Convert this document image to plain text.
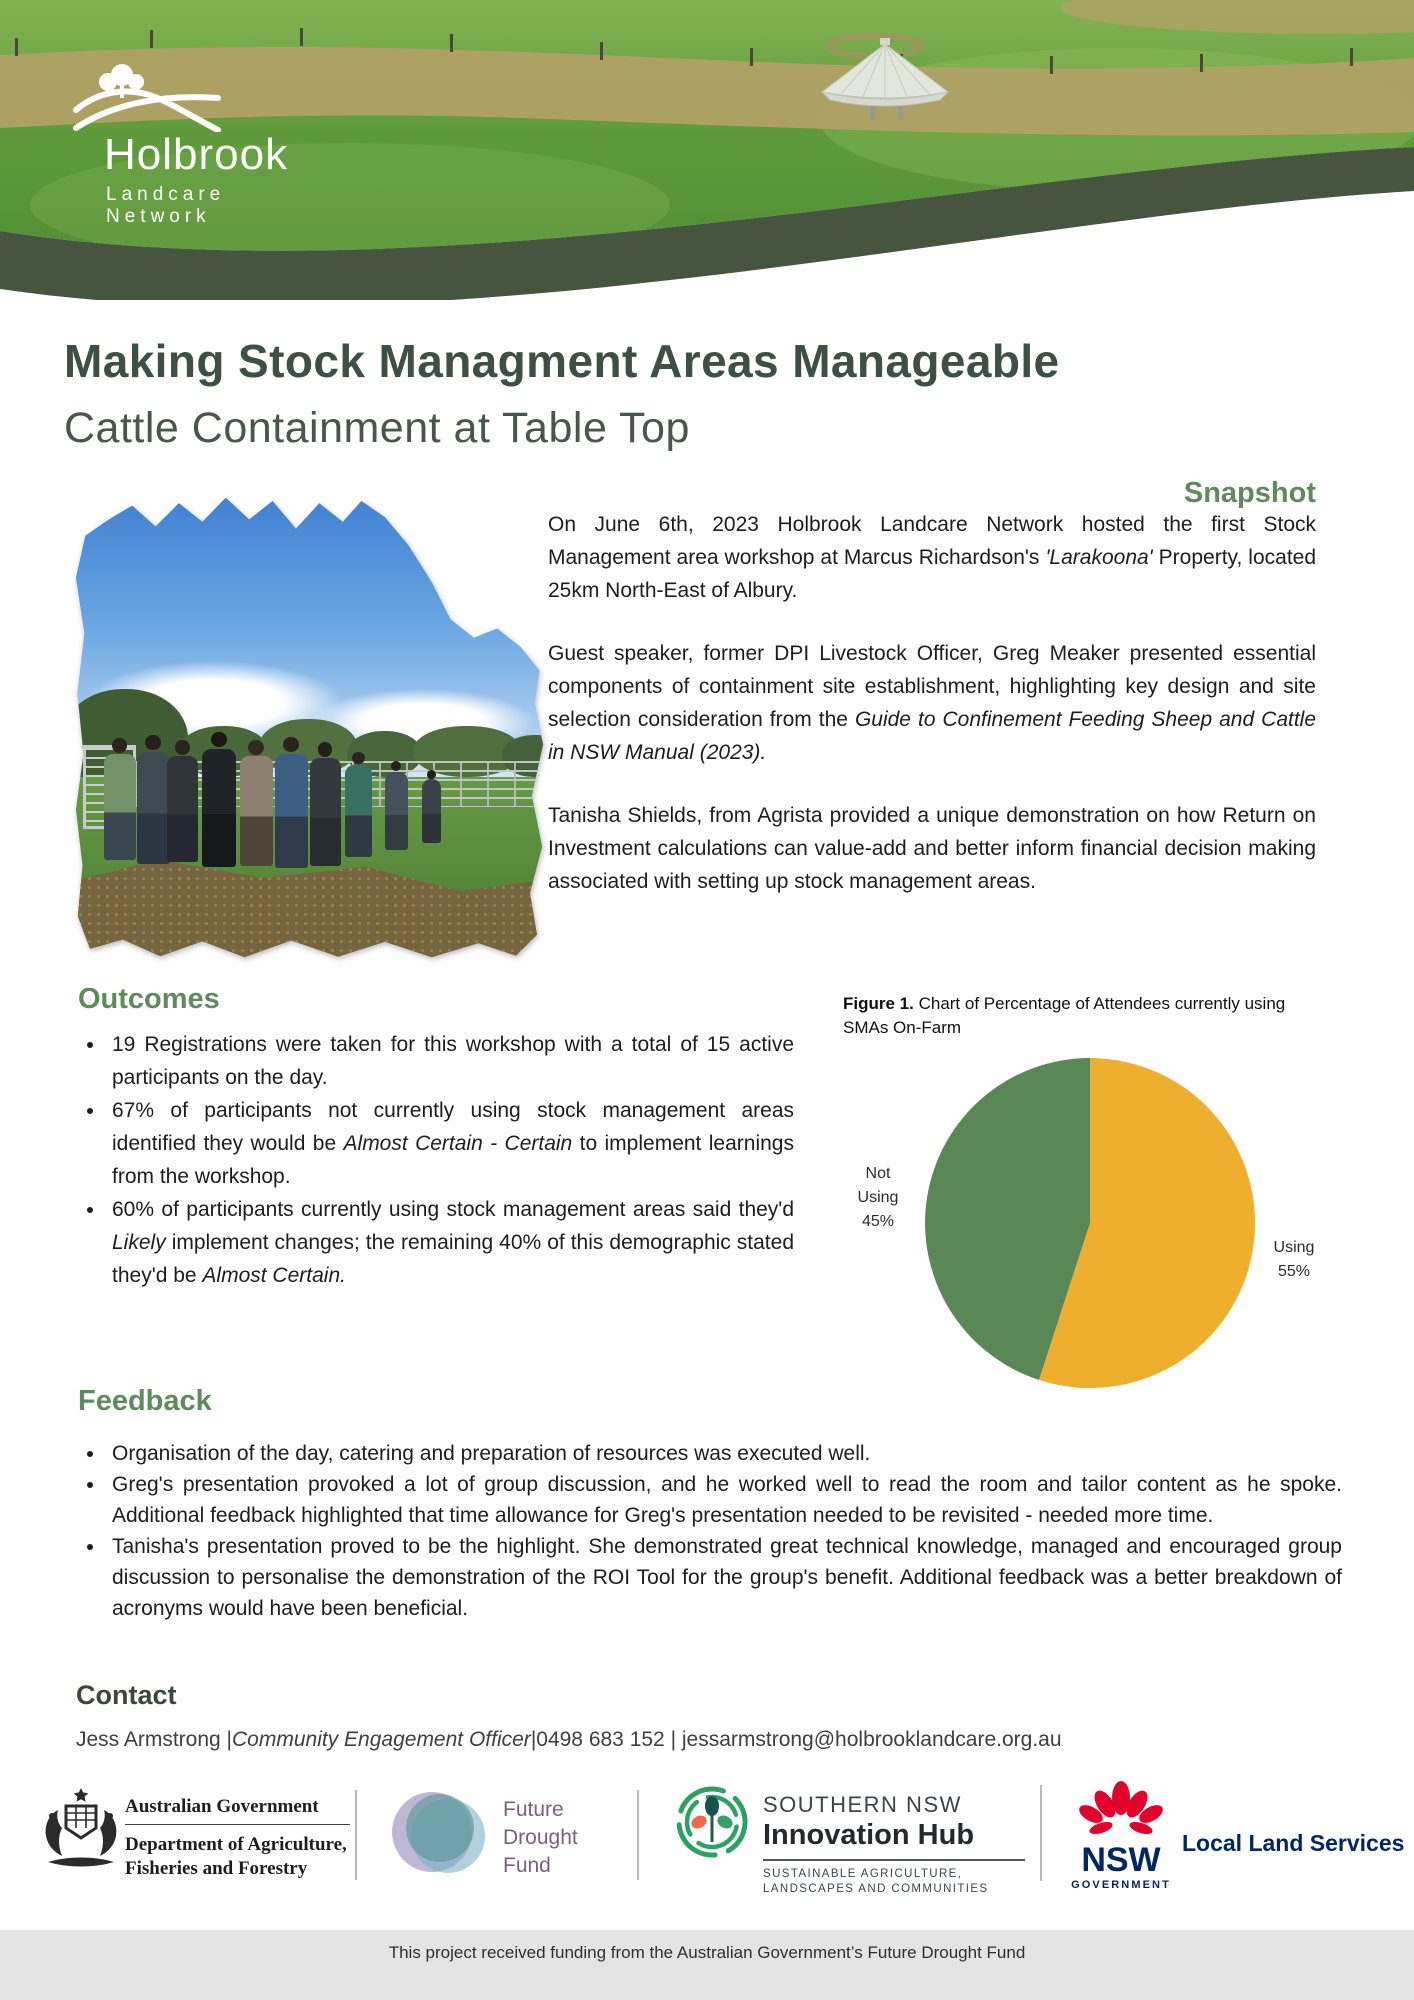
Holbrook
Landcare Network
Making Stock Managment Areas Manageable
Cattle Containment at Table Top
Snapshot

On June 6th, 2023 Holbrook Landcare Network hosted the first Stock Management area workshop at Marcus Richardson's 'Larakoona' Property, located 25km North-East of Albury.

Guest speaker, former DPI Livestock Officer, Greg Meaker presented essential components of containment site establishment, highlighting key design and site selection consideration from the Guide to Confinement Feeding Sheep and Cattle in NSW Manual (2023).

Tanisha Shields, from Agrista provided a unique demonstration on how Return on Investment calculations can value-add and better inform financial decision making associated with setting up stock management areas.

Outcomes
• 19 Registrations were taken for this workshop with a total of 15 active participants on the day.
• 67% of participants not currently using stock management areas identified they would be Almost Certain - Certain to implement learnings from the workshop.
• 60% of participants currently using stock management areas said they'd Likely implement changes; the remaining 40% of this demographic stated they'd be Almost Certain.
Figure 1. Chart of Percentage of Attendees currently using SMAs On-Farm
Not
Using
45%
Using
55%
Feedback
• Organisation of the day, catering and preparation of resources was executed well.
• Greg's presentation provoked a lot of group discussion, and he worked well to read the room and tailor content as he spoke. Additional feedback highlighted that time allowance for Greg's presentation needed to be revisited - needed more time.
• Tanisha's presentation proved to be the highlight. She demonstrated great technical knowledge, managed and encouraged group discussion to personalise the demonstration of the ROI Tool for the group's benefit. Additional feedback was a better breakdown of acronyms would have been beneficial.
Contact
Jess Armstrong |Community Engagement Officer|0498 683 152 | jessarmstrong@holbrooklandcare.org.au
Australian Government
Department of Agriculture,
Fisheries and Forestry
Future
Drought
Fund
SOUTHERN NSW
Innovation Hub
SUSTAINABLE AGRICULTURE,
LANDSCAPES AND COMMUNITIES
NSW
GOVERNMENT
Local Land Services
This project received funding from the Australian Government’s Future Drought Fund
